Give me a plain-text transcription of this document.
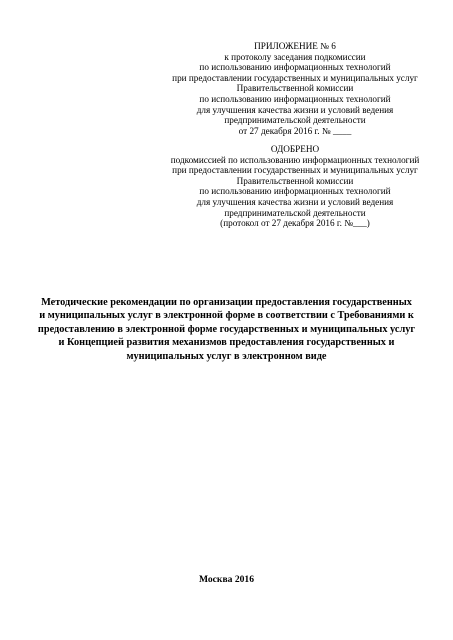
ПРИЛОЖЕНИЕ № 6
к протоколу заседания подкомиссии
по использованию информационных технологий
при предоставлении государственных и муниципальных услуг
Правительственной комиссии
по использованию информационных технологий
для улучшения качества жизни и условий ведения
предпринимательской деятельности
от 27 декабря 2016 г. № ____
ОДОБРЕНО
подкомиссией по использованию информационных технологий
при предоставлении государственных и муниципальных услуг
Правительственной комиссии
по использованию информационных технологий
для улучшения качества жизни и условий ведения
предпринимательской деятельности
(протокол от 27 декабря 2016 г. №___)
Методические рекомендации по организации предоставления государственных
и муниципальных услуг в электронной форме в соответствии с Требованиями к
предоставлению в электронной форме государственных и муниципальных услуг
и Концепцией развития механизмов предоставления государственных и
муниципальных услуг в электронном виде
Москва 2016
